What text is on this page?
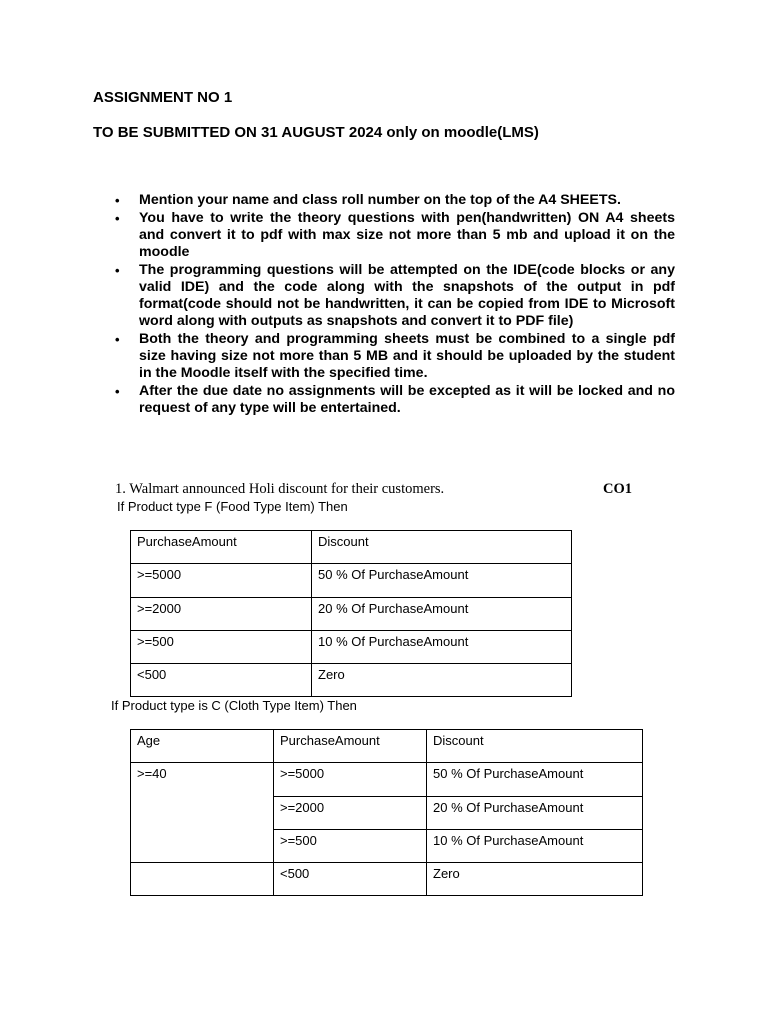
ASSIGNMENT NO 1
TO BE SUBMITTED ON 31 AUGUST 2024 only on moodle(LMS)
• Mention your name and class roll number on the top of the A4 SHEETS.
• You have to write the theory questions with pen(handwritten) ON A4 sheets and convert it to pdf with max size not more than 5 mb and upload it on the moodle
• The programming questions will be attempted on the IDE(code blocks or any valid IDE) and the code along with the snapshots of the output in pdf format(code should not be handwritten, it can be copied from IDE to Microsoft word along with outputs as snapshots and convert it to PDF file)
• Both the theory and programming sheets must be combined to a single pdf size having size not more than 5 MB and it should be uploaded by the student in the Moodle itself with the specified time.
• After the due date no assignments will be excepted as it will be locked and no request of any type will be entertained.
1. Walmart announced Holi discount for their customers.	CO1
If Product type F (Food Type Item) Then
PurchaseAmount	Discount
>=5000	50 % Of PurchaseAmount
>=2000	20 % Of PurchaseAmount
>=500	10 % Of PurchaseAmount
<500	Zero
If Product type is C (Cloth Type Item) Then
Age	PurchaseAmount	Discount
>=40	>=5000	50 % Of PurchaseAmount
	>=2000	20 % Of PurchaseAmount
	>=500	10 % Of PurchaseAmount
	<500	Zero
